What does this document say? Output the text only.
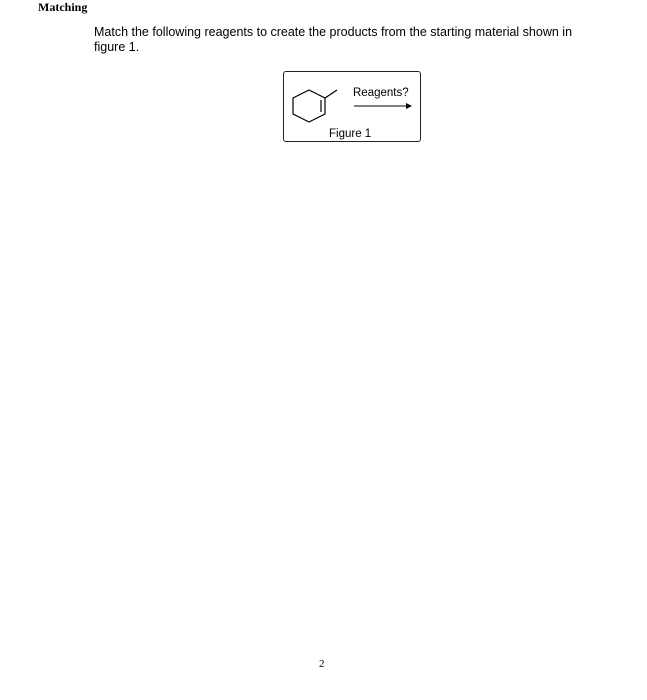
Matching
Match the following reagents to create the products from the starting material shown in figure 1.
Reagents?
Figure 1
2
